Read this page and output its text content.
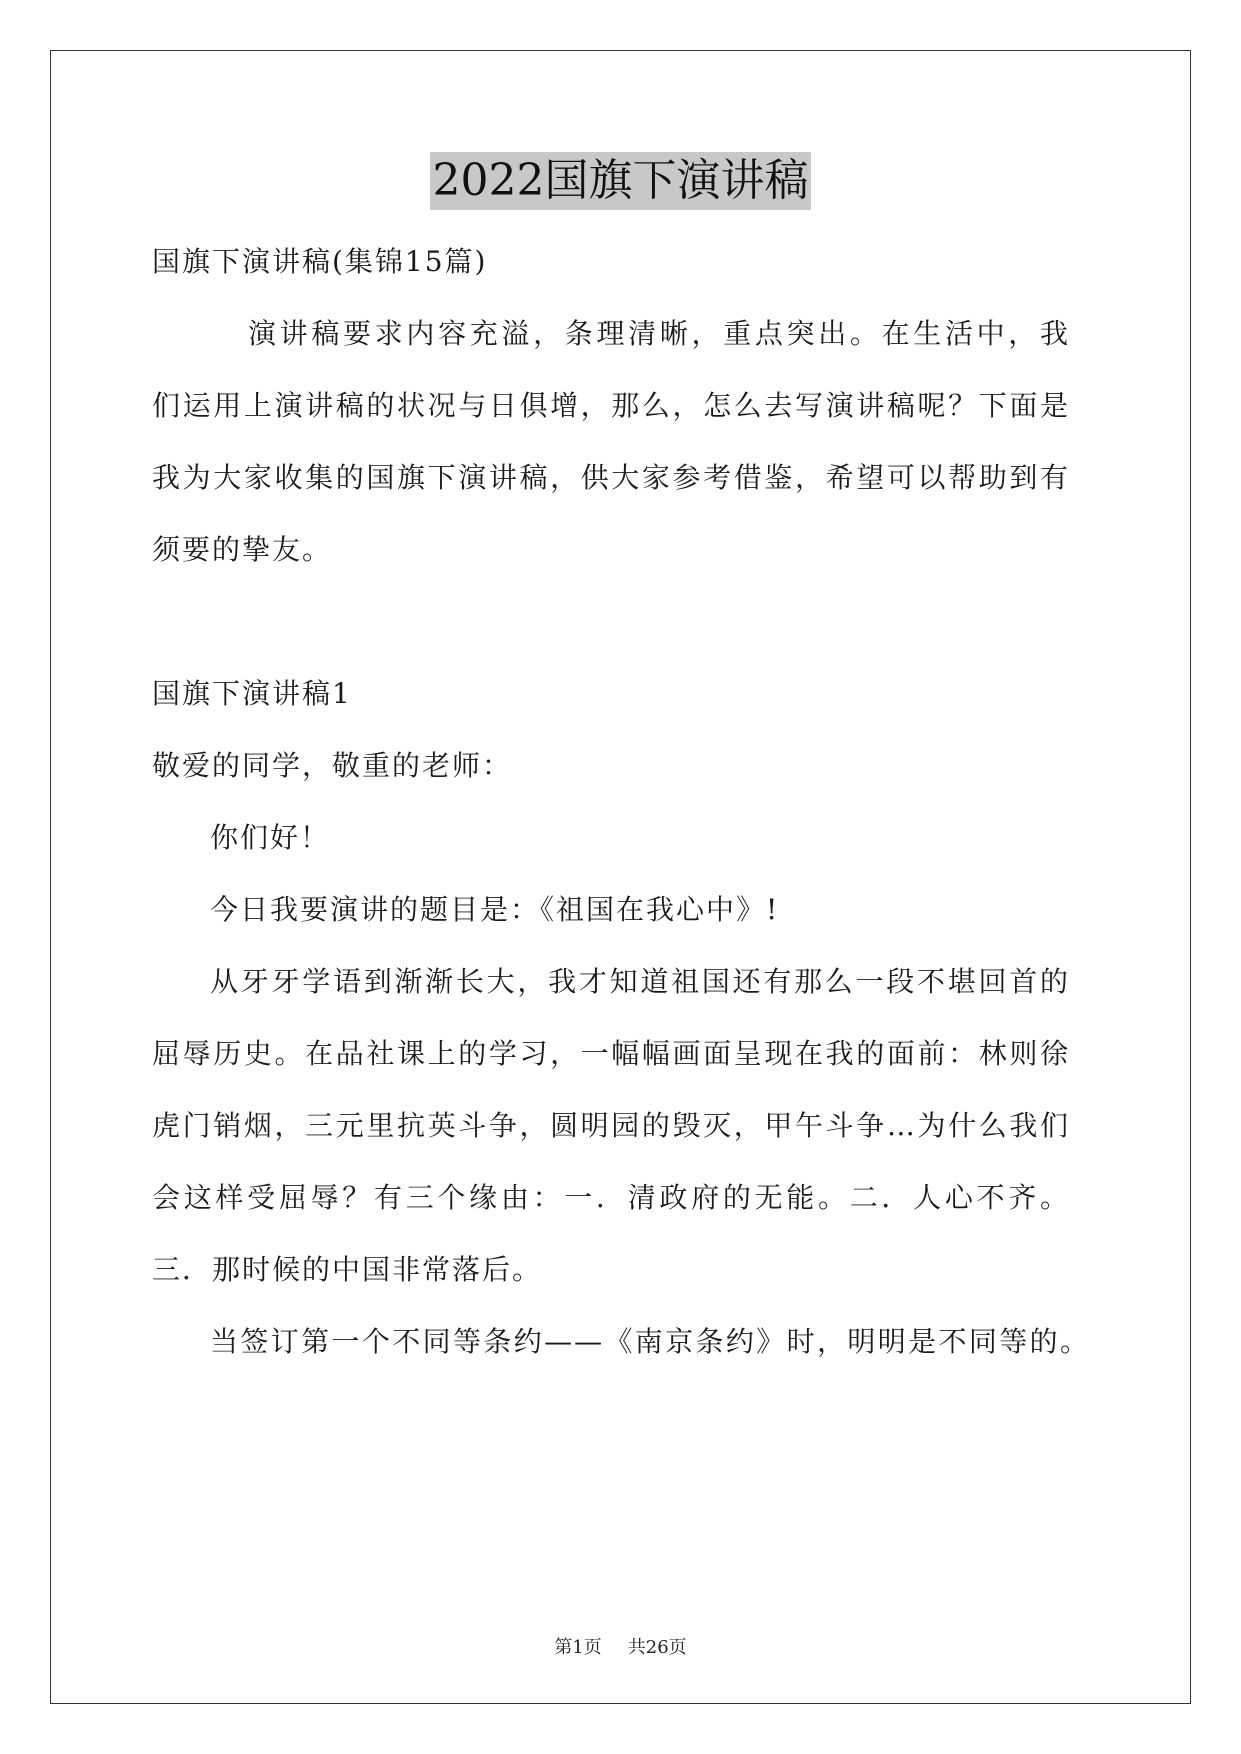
2022国旗下演讲稿
国旗下演讲稿(集锦15篇)
演讲稿要求内容充溢，条理清晰，重点突出。在生活中，我
们运用上演讲稿的状况与日俱增，那么，怎么去写演讲稿呢？下面是
我为大家收集的国旗下演讲稿，供大家参考借鉴，希望可以帮助到有
须要的挚友。
国旗下演讲稿1
敬爱的同学，敬重的老师：
你们好！
今日我要演讲的题目是：《祖国在我心中》!
从牙牙学语到渐渐长大，我才知道祖国还有那么一段不堪回首的
屈辱历史。在品社课上的学习，一幅幅画面呈现在我的面前：林则徐
虎门销烟，三元里抗英斗争，圆明园的毁灭，甲午斗争…为什么我们
会这样受屈辱？有三个缘由：一．清政府的无能。二．人心不齐。
三．那时候的中国非常落后。
当签订第一个不同等条约——《南京条约》时，明明是不同等的。
第1页 共26页
